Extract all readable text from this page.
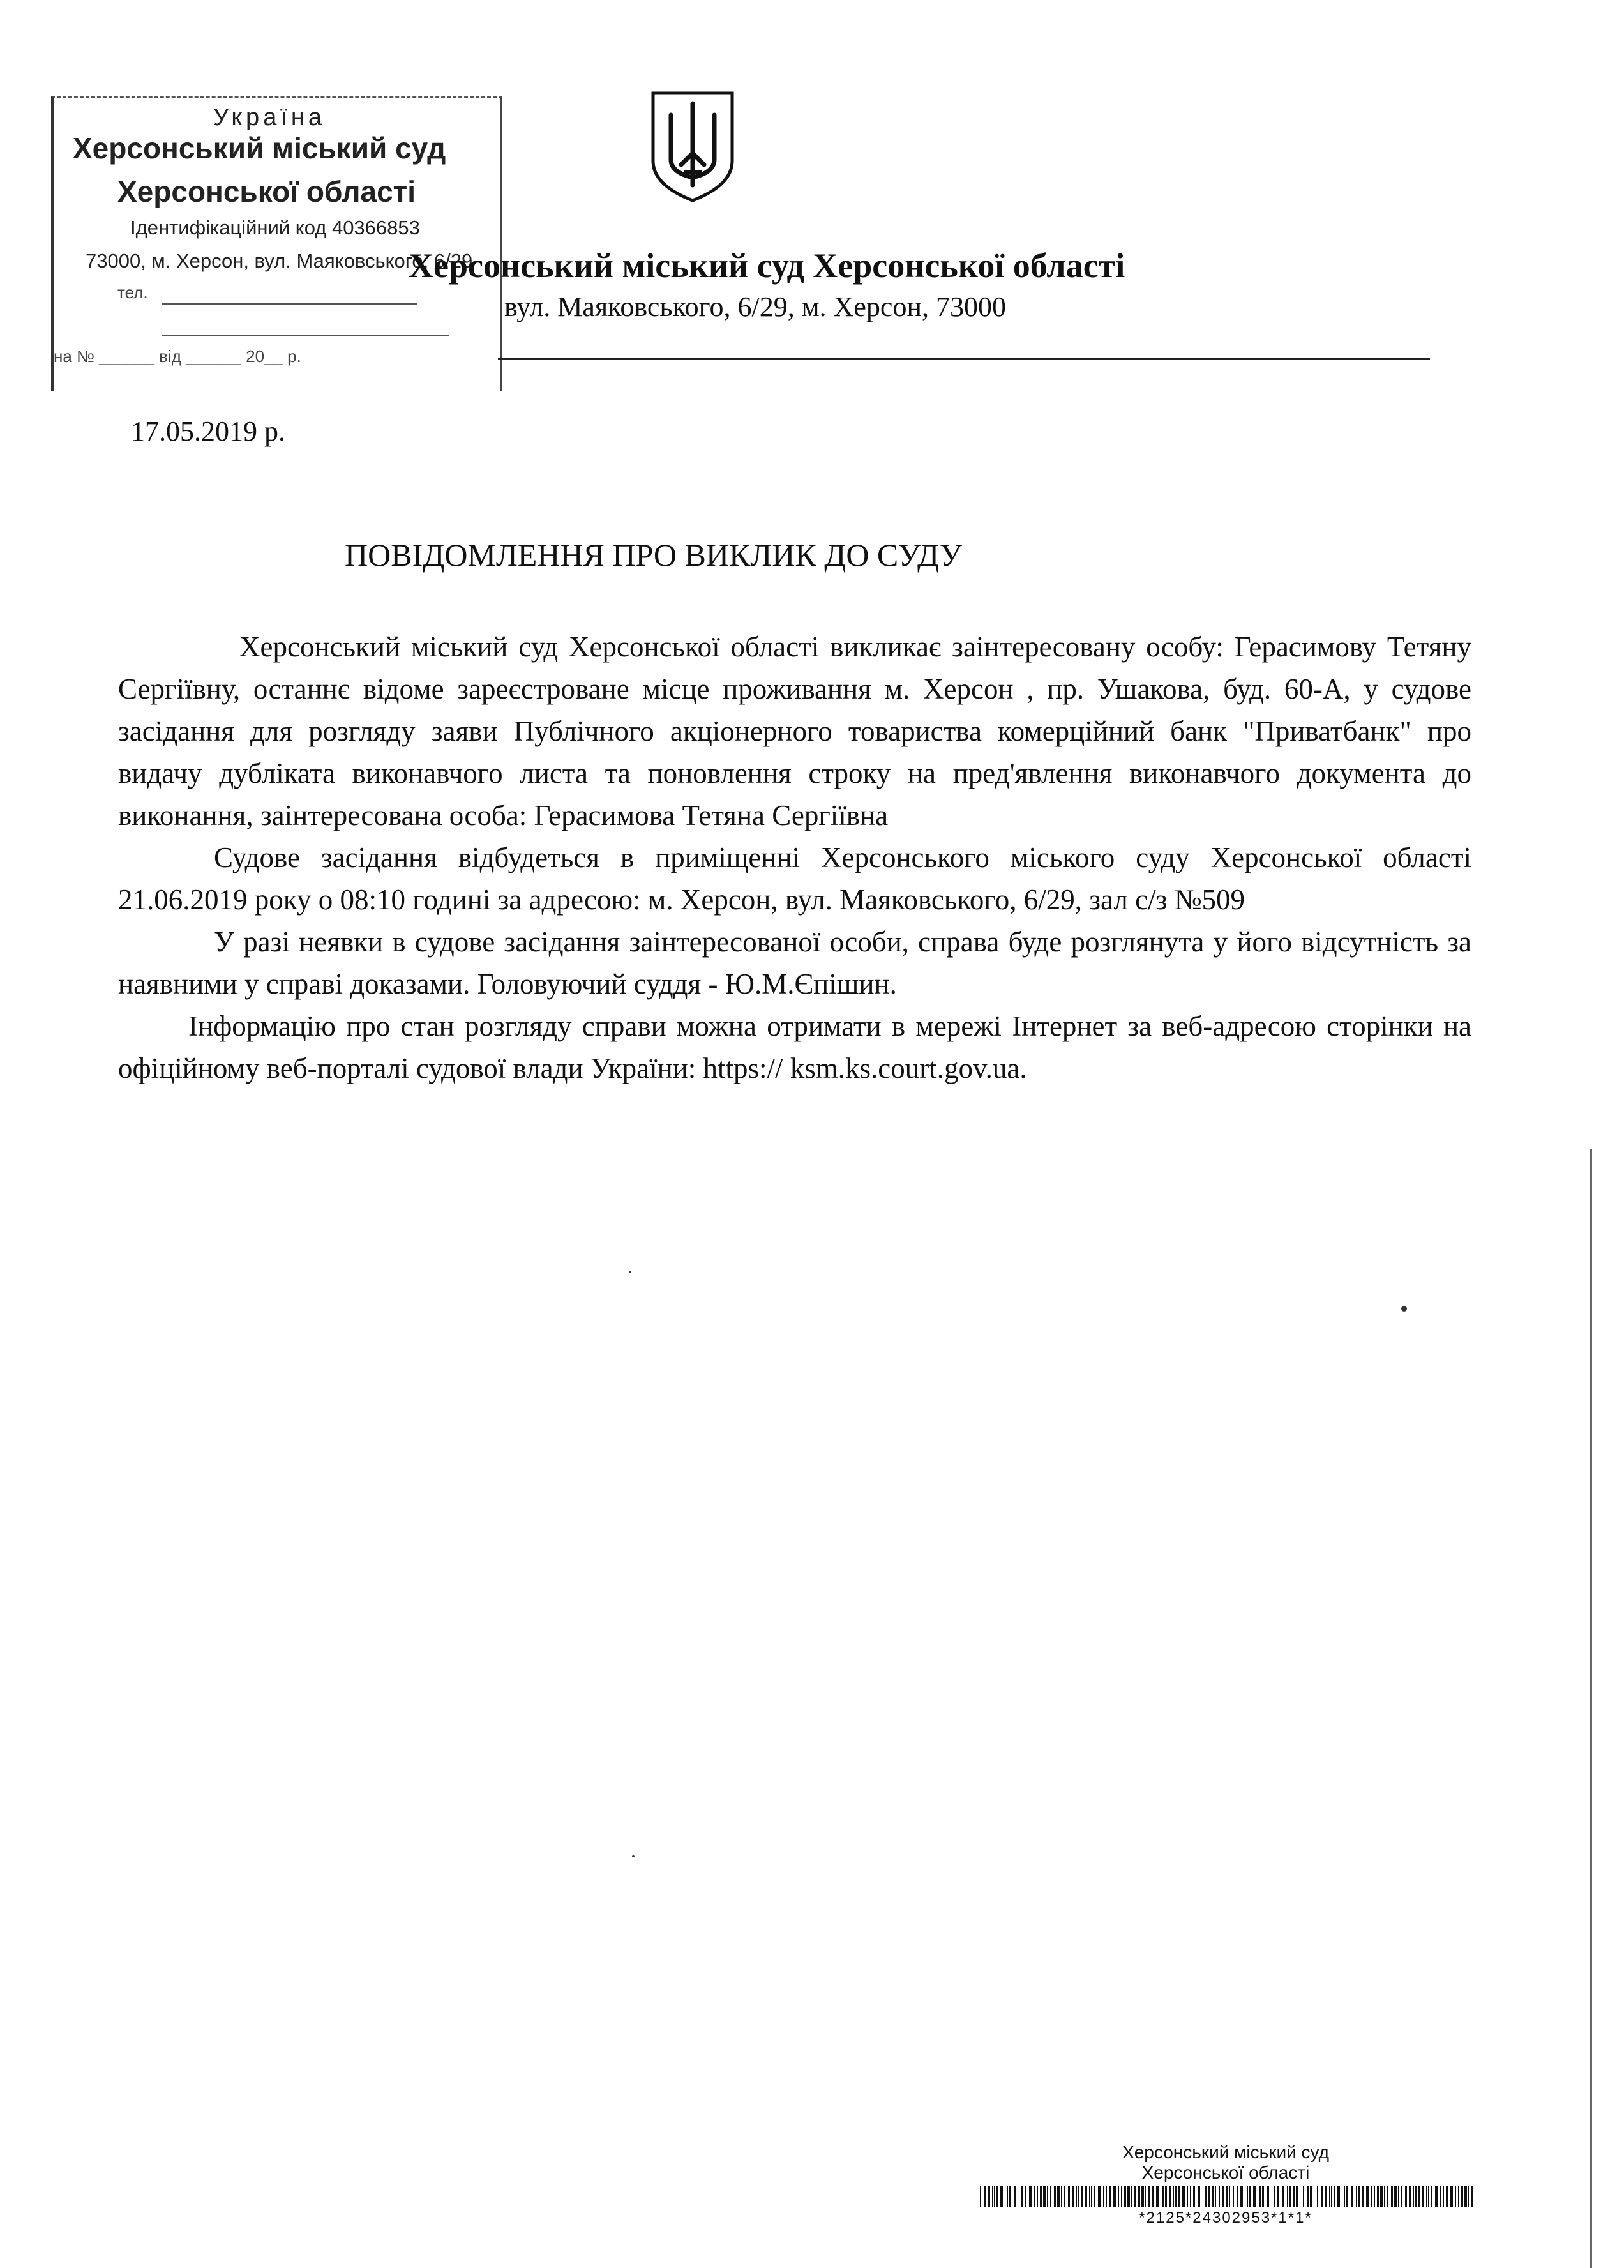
Україна
Херсонський міський суд
Херсонської області
Ідентифікаційний код 40366853
73000, м. Херсон, вул. Маяковського, 6/29
тел.
на № ______ від ______ 20__ р.
Херсонський міський суд Херсонської області
вул. Маяковського, 6/29, м. Херсон, 73000
17.05.2019 р.
ПОВІДОМЛЕННЯ ПРО ВИКЛИК ДО СУДУ

Херсонський міський суд Херсонської області викликає заінтересовану особу: Герасимову Тетяну Сергіївну, останнє відоме зареєстроване місце проживання м. Херсон , пр. Ушакова, буд. 60-А, у судове засідання для розгляду заяви Публічного акціонерного товариства комерційний банк "Приватбанк" про видачу дубліката виконавчого листа та поновлення строку на пред'явлення виконавчого документа до виконання, заінтересована особа: Герасимова Тетяна Сергіївна

Судове засідання відбудеться в приміщенні Херсонського міського суду Херсонської області 21.06.2019 року о 08:10 годині за адресою: м. Херсон, вул. Маяковського, 6/29, зал с/з №509

У разі неявки в судове засідання заінтересованої особи, справа буде розглянута у його відсутність за наявними у справі доказами. Головуючий суддя - Ю.М.Єпішин.

Інформацію про стан розгляду справи можна отримати в мережі Інтернет за веб-адресою сторінки на офіційному веб-порталі судової влади України: https:// ksm.ks.court.gov.ua.

Херсонський міський суд
Херсонської області
*2125*24302953*1*1*
